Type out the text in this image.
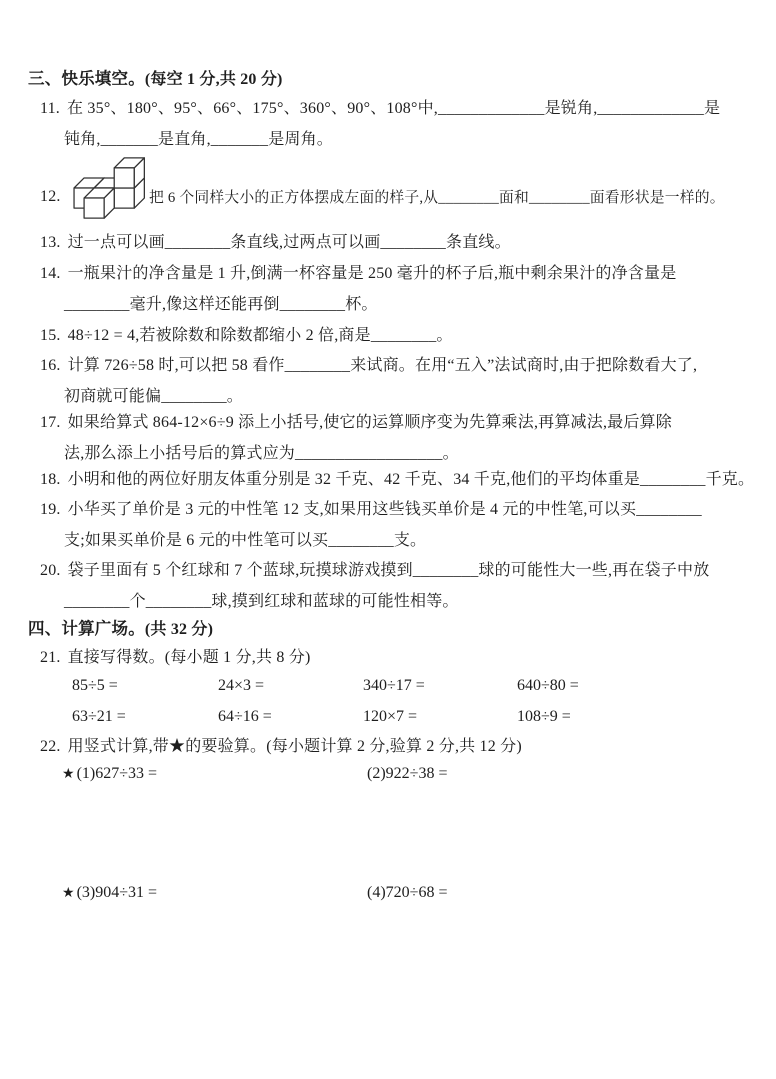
三、快乐填空。(每空 1 分,共 20 分)
11. 在 35°、180°、95°、66°、175°、360°、90°、108°中,_____________是锐角,_____________是
钝角,_______是直角,_______是周角。
12.	把 6 个同样大小的正方体摆成左面的样子,从________面和________面看形状是一样的。
13. 过一点可以画________条直线,过两点可以画________条直线。
14. 一瓶果汁的净含量是 1 升,倒满一杯容量是 250 毫升的杯子后,瓶中剩余果汁的净含量是
________毫升,像这样还能再倒________杯。
15. 48÷12 = 4,若被除数和除数都缩小 2 倍,商是________。
16. 计算 726÷58 时,可以把 58 看作________来试商。在用“五入”法试商时,由于把除数看大了,
初商就可能偏________。
17. 如果给算式 864-12×6÷9 添上小括号,使它的运算顺序变为先算乘法,再算减法,最后算除
法,那么添上小括号后的算式应为__________________。
18. 小明和他的两位好朋友体重分别是 32 千克、42 千克、34 千克,他们的平均体重是________千克。
19. 小华买了单价是 3 元的中性笔 12 支,如果用这些钱买单价是 4 元的中性笔,可以买________
支;如果买单价是 6 元的中性笔可以买________支。
20. 袋子里面有 5 个红球和 7 个蓝球,玩摸球游戏摸到________球的可能性大一些,再在袋子中放
________个________球,摸到红球和蓝球的可能性相等。
四、计算广场。(共 32 分)
21. 直接写得数。(每小题 1 分,共 8 分)
85÷5 =	24×3 =	340÷17 =	640÷80 =
63÷21 =	64÷16 =	120×7 =	108÷9 =
22. 用竖式计算,带★的要验算。(每小题计算 2 分,验算 2 分,共 12 分)
★ (1)627÷33 =	(2)922÷38 =
★ (3)904÷31 =	(4)720÷68 =
